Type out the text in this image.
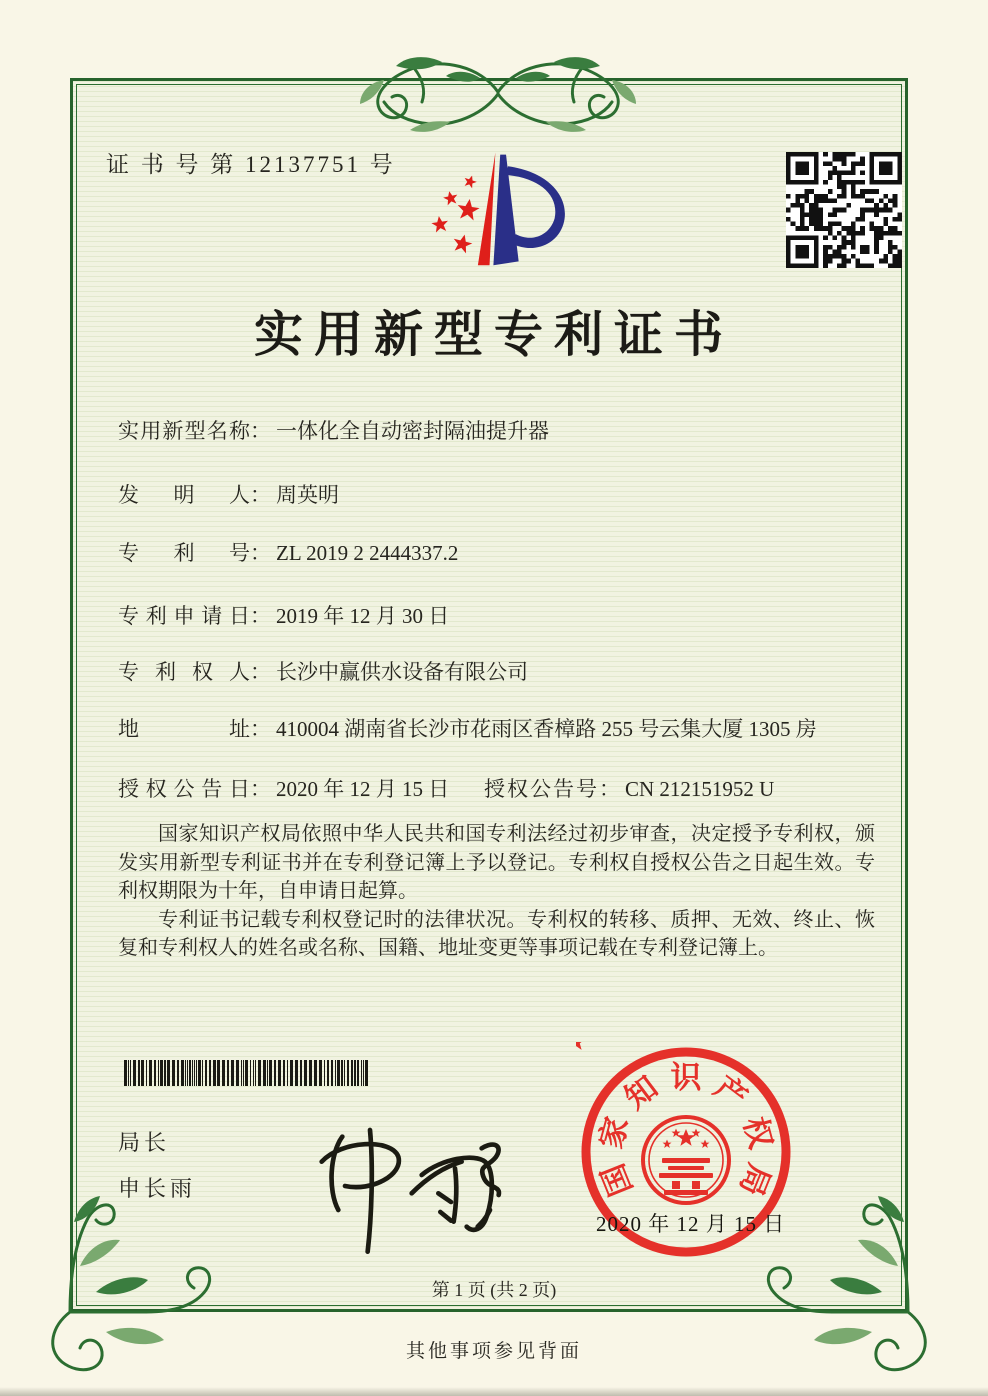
证 书 号 第 12137751 号
实用新型专利证书
实 用 新 型 名 称 ： 一体化全自动密封隔油提升器
发 明 人 ： 周英明
专 利 号 ： ZL 2019 2 2444337.2
专 利 申 请 日 ： 2019 年 12 月 30 日
专 利 权 人 ： 长沙中赢供水设备有限公司
地	址 ： 410004 湖南省长沙市花雨区香樟路 255 号云集大厦 1305 房
授 权 公 告 日 ： 2020 年 12 月 15 日 授权公告号： CN 212151952 U

国家知识产权局依照中华人民共和国专利法经过初步审查，决定授予专利权，颁发实用新型专利证书并在专利登记簿上予以登记。专利权自授权公告之日起生效。专利权期限为十年，自申请日起算。

专利证书记载专利权登记时的法律状况。专利权的转移、质押、无效、终止、恢复和专利权人的姓名或名称、国籍、地址变更等事项记载在专利登记簿上。

局长
申长雨	国
家
知 识 产
权
局
2020 年 12 月 15 日
第 1 页 (共 2 页)
其他事项参见背面
